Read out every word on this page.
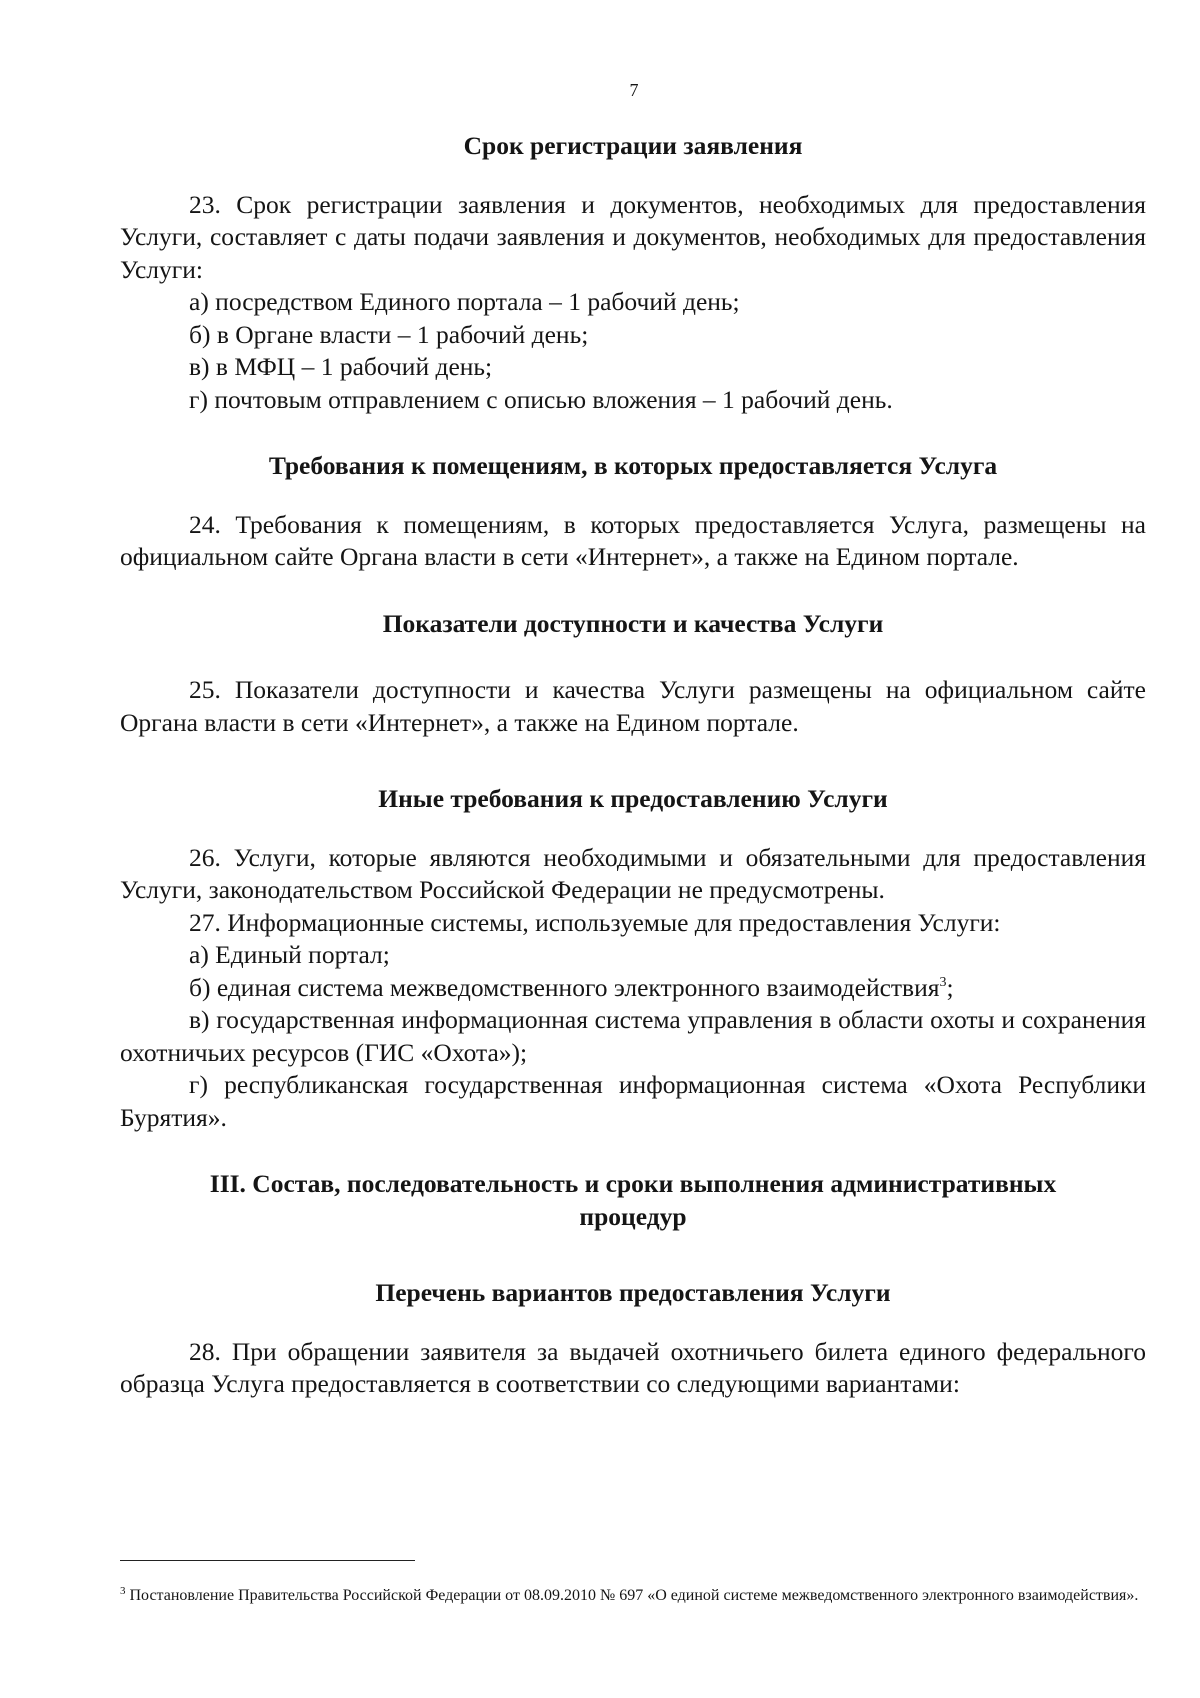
7

Срок регистрации заявления

23. Срок регистрации заявления и документов, необходимых для предоставления Услуги, составляет с даты подачи заявления и документов, необходимых для предоставления Услуги:

а) посредством Единого портала – 1 рабочий день;

б) в Органе власти – 1 рабочий день;

в) в МФЦ – 1 рабочий день;

г) почтовым отправлением с описью вложения – 1 рабочий день.

Требования к помещениям, в которых предоставляется Услуга

24. Требования к помещениям, в которых предоставляется Услуга, размещены на официальном сайте Органа власти в сети «Интернет», а также на Едином портале.

Показатели доступности и качества Услуги

25. Показатели доступности и качества Услуги размещены на официальном сайте Органа власти в сети «Интернет», а также на Едином портале.

Иные требования к предоставлению Услуги

26. Услуги, которые являются необходимыми и обязательными для предоставления Услуги, законодательством Российской Федерации не предусмотрены.

27. Информационные системы, используемые для предоставления Услуги:

а) Единый портал;

б) единая система межведомственного электронного взаимодействия$^3$;

в) государственная информационная система управления в области охоты и сохранения охотничьих ресурсов (ГИС «Охота»);

г) республиканская государственная информационная система «Охота Республики Бурятия».

III. Состав, последовательность и сроки выполнения административных
процедур

Перечень вариантов предоставления Услуги

28. При обращении заявителя за выдачей охотничьего билета единого федерального образца Услуга предоставляется в соответствии со следующими вариантами:

$^3$ Постановление Правительства Российской Федерации от 08.09.2010 № 697 «О единой системе межведомственного электронного взаимодействия».
